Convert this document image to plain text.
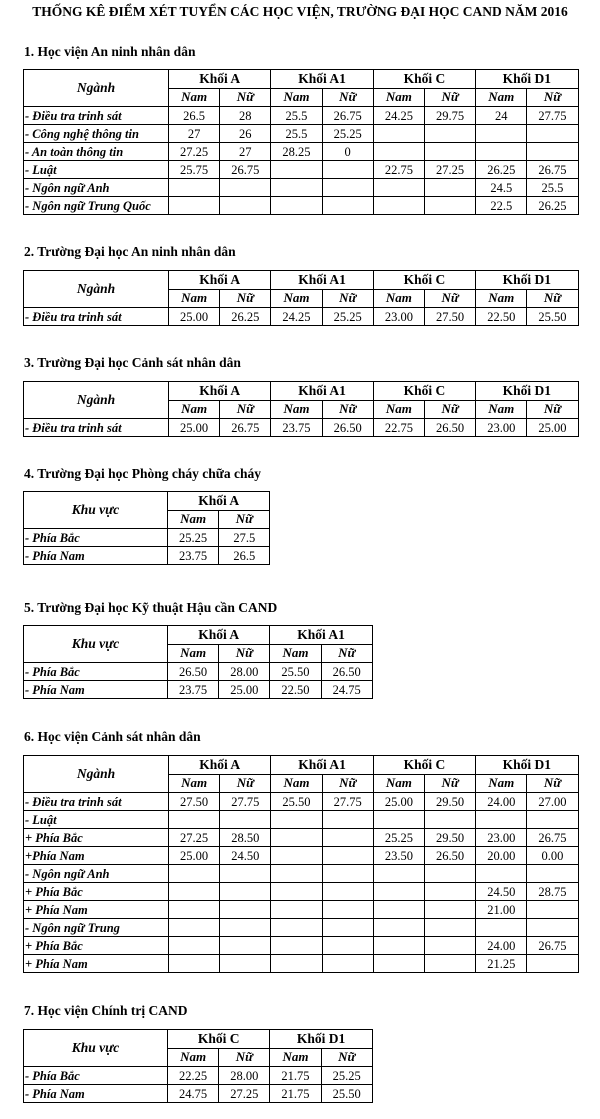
THỐNG KÊ ĐIỂM XÉT TUYỂN CÁC HỌC VIỆN, TRƯỜNG ĐẠI HỌC CAND NĂM 2016
1. Học viện An ninh nhân dân
Ngành	Khối A		Khối A1		Khối C		Khối D1	
	Nam	Nữ	Nam	Nữ	Nam	Nữ	Nam	Nữ
- Điều tra trinh sát	26.5	28	25.5	26.75	24.25	29.75	24	27.75
- Công nghệ thông tin	27	26	25.5	25.25				
- An toàn thông tin	27.25	27	28.25	0				
- Luật	25.75	26.75			22.75	27.25	26.25	26.75
- Ngôn ngữ Anh							24.5	25.5
- Ngôn ngữ Trung Quốc							22.5	26.25
2. Trường Đại học An ninh nhân dân
Ngành	Khối A		Khối A1		Khối C		Khối D1	
	Nam	Nữ	Nam	Nữ	Nam	Nữ	Nam	Nữ
- Điều tra trinh sát	25.00	26.25	24.25	25.25	23.00	27.50	22.50	25.50
3. Trường Đại học Cảnh sát nhân dân
Ngành	Khối A		Khối A1		Khối C		Khối D1	
	Nam	Nữ	Nam	Nữ	Nam	Nữ	Nam	Nữ
- Điều tra trinh sát	25.00	26.75	23.75	26.50	22.75	26.50	23.00	25.00
4. Trường Đại học Phòng cháy chữa cháy
Khu vực	Khối A	
	Nam	Nữ
- Phía Bắc	25.25	27.5
- Phía Nam	23.75	26.5
5. Trường Đại học Kỹ thuật Hậu cần CAND
Khu vực	Khối A		Khối A1	
	Nam	Nữ	Nam	Nữ
- Phía Bắc	26.50	28.00	25.50	26.50
- Phía Nam	23.75	25.00	22.50	24.75
6. Học viện Cảnh sát nhân dân
Ngành	Khối A		Khối A1		Khối C		Khối D1	
	Nam	Nữ	Nam	Nữ	Nam	Nữ	Nam	Nữ
- Điều tra trinh sát	27.50	27.75	25.50	27.75	25.00	29.50	24.00	27.00
- Luật								
+ Phía Bắc	27.25	28.50			25.25	29.50	23.00	26.75
+Phía Nam	25.00	24.50			23.50	26.50	20.00	0.00
- Ngôn ngữ Anh								
+ Phía Bắc							24.50	28.75
+ Phía Nam							21.00	
- Ngôn ngữ Trung								
+ Phía Bắc							24.00	26.75
+ Phía Nam							21.25	
7. Học viện Chính trị CAND
Khu vực	Khối C		Khối D1	
	Nam	Nữ	Nam	Nữ
- Phía Bắc	22.25	28.00	21.75	25.25
- Phía Nam	24.75	27.25	21.75	25.50
